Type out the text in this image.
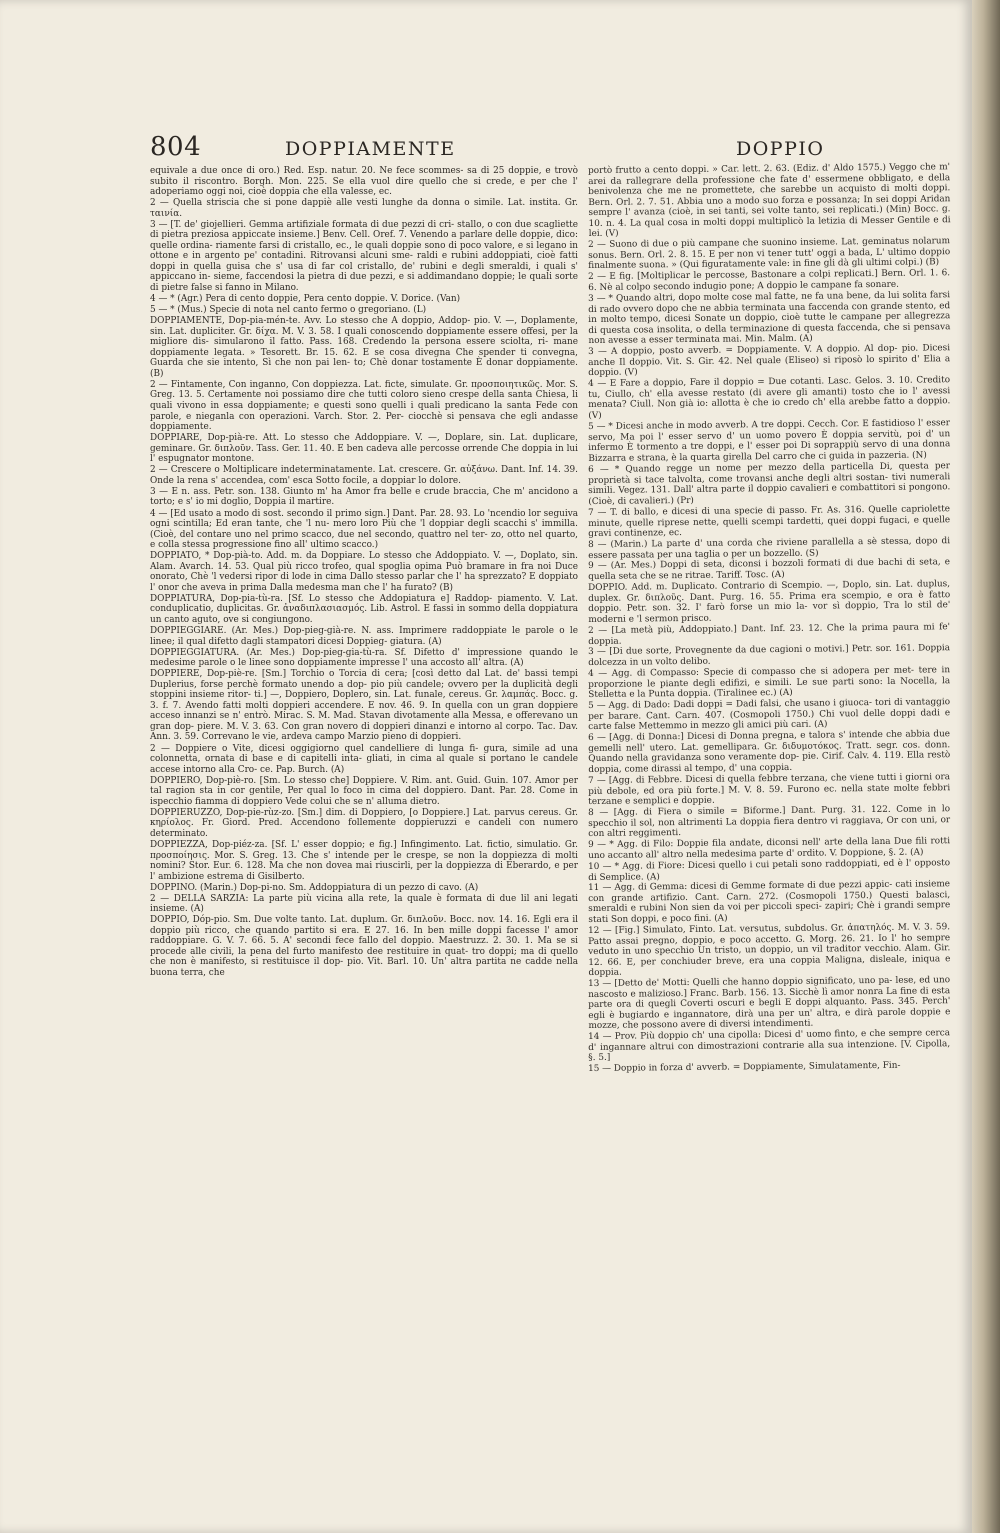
804	DOPPIAMENTE	DOPPIO

equivale a due once di oro.) Red. Esp. natur. 20. Ne fece scommes- sa di 25 doppie, e trovò subito il riscontro. Borgh. Mon. 225. Se ella vuol dire quello che si crede, e per che l' adoperiamo oggi noi, cioè doppia che ella valesse, ec.

2 — Quella striscia che si pone dappiè alle vesti lunghe da donna o simile. Lat. instita. Gr. ταινία.

3 — [T. de' giojellieri. Gemma artifiziale formata di due pezzi di cri- stallo, o con due scagliette di pietra preziosa appiccate insieme.] Benv. Cell. Oref. 7. Venendo a parlare delle doppie, dico: quelle ordina- riamente farsi di cristallo, ec., le quali doppie sono di poco valore, e si legano in ottone e in argento pe' contadini. Ritrovansi alcuni sme- raldi e rubini addoppiati, cioè fatti doppi in quella guisa che s' usa di far col cristallo, de' rubini e degli smeraldi, i quali s' appiccano in- sieme, faccendosi la pietra di due pezzi, e si addimandano doppie; le quali sorte di pietre false si fanno in Milano.

4 — * (Agr.) Pera di cento doppie, Pera cento doppie. V. Dorice. (Van)

5 — * (Mus.) Specie di nota nel canto fermo o gregoriano. (L)

DOPPIAMENTE, Dop-pia-mén-te. Avv. Lo stesso che A doppio, Addop- pio. V. —, Doplamente, sin. Lat. dupliciter. Gr. δίχα. M. V. 3. 58. I quali conoscendo doppiamente essere offesi, per la migliore dis- simularono il fatto. Pass. 168. Credendo la persona essere sciolta, ri- mane doppiamente legata. » Tesorett. Br. 15. 62. E se cosa divegna Che spender ti convegna, Guarda che sie intento, Sì che non pai len- to; Chè donar tostamente È donar doppiamente. (B)

2 — Fintamente, Con inganno, Con doppiezza. Lat. ficte, simulate. Gr. προσποιητικῶς. Mor. S. Greg. 13. 5. Certamente noi possiamo dire che tutti coloro sieno crespe della santa Chiesa, li quali vivono in essa doppiamente; e questi sono quelli i quali predicano la santa Fede con parole, e nieganla con operazioni. Varch. Stor. 2. Per- ciocchè si pensava che egli andasse doppiamente.

DOPPIARE, Dop-pià-re. Att. Lo stesso che Addoppiare. V. —, Doplare, sin. Lat. duplicare, geminare. Gr. διπλοῦν. Tass. Ger. 11. 40. E ben cadeva alle percosse orrende Che doppia in lui l' espugnator montone.

2 — Crescere o Moltiplicare indeterminatamente. Lat. crescere. Gr. αὐξάνω. Dant. Inf. 14. 39. Onde la rena s' accendea, com' esca Sotto focile, a doppiar lo dolore.

3 — E n. ass. Petr. son. 138. Giunto m' ha Amor fra belle e crude braccia, Che m' ancidono a torto; e s' io mi doglio, Doppia il martire.

4 — [Ed usato a modo di sost. secondo il primo sign.] Dant. Par. 28. 93. Lo 'ncendio lor seguiva ogni scintilla; Ed eran tante, che 'l nu- mero loro Più che 'l doppiar degli scacchi s' immilla. (Cioè, del contare uno nel primo scacco, due nel secondo, quattro nel ter- zo, otto nel quarto, e colla stessa progressione fino all' ultimo scacco.)

DOPPIATO, * Dop-pià-to. Add. m. da Doppiare. Lo stesso che Addoppiato. V. —, Doplato, sin. Alam. Avarch. 14. 53. Qual più ricco trofeo, qual spoglia opima Può bramare in fra noi Duce onorato, Chè 'l vedersi ripor di lode in cima Dallo stesso parlar che l' ha sprezzato? E doppiato l' onor che aveva in prima Dalla medesma man che l' ha furato? (B)

DOPPIATURA, Dop-pia-tù-ra. [Sf. Lo stesso che Addopiatura e] Raddop- piamento. V. Lat. conduplicatio, duplicitas. Gr. ἀναδιπλασιασμός. Lib. Astrol. E fassi in sommo della doppiatura un canto aguto, ove si congiungono.

DOPPIEGGIARE. (Ar. Mes.) Dop-pieg-già-re. N. ass. Imprimere raddoppiate le parole o le linee; il qual difetto dagli stampatori dicesi Doppieg- giatura. (A)

DOPPIEGGIATURA. (Ar. Mes.) Dop-pieg-gia-tù-ra. Sf. Difetto d' impressione quando le medesime parole o le linee sono doppiamente impresse l' una accosto all' altra. (A)

DOPPIERE, Dop-piè-re. [Sm.] Torchio o Torcia di cera; [così detto dal Lat. de' bassi tempi Duplerius, forse perchè formato unendo a dop- pio più candele; ovvero per la duplicità degli stoppini insieme ritor- ti.] —, Doppiero, Doplero, sin. Lat. funale, cereus. Gr. λαμπάς. Bocc. g. 3. f. 7. Avendo fatti molti doppieri accendere. E nov. 46. 9. In quella con un gran doppiere acceso innanzi se n' entrò. Mirac. S. M. Mad. Stavan divotamente alla Messa, e offerevano un gran dop- piere. M. V. 3. 63. Con gran novero di doppieri dinanzi e intorno al corpo. Tac. Dav. Ann. 3. 59. Correvano le vie, ardeva campo Marzio pieno di doppieri.

2 — Doppiere o Vite, dicesi oggigiorno quel candelliere di lunga fi- gura, simile ad una colonnetta, ornata di base e di capitelli inta- gliati, in cima al quale si portano le candele accese intorno alla Cro- ce. Pap. Burch. (A)

DOPPIERO, Dop-piè-ro. [Sm. Lo stesso che] Doppiere. V. Rim. ant. Guid. Guin. 107. Amor per tal ragion sta in cor gentile, Per qual lo foco in cima del doppiero. Dant. Par. 28. Come in ispecchio fiamma di doppiero Vede colui che se n' alluma dietro.

DOPPIERUZZO, Dop-pie-rùz-zo. [Sm.] dim. di Doppiero, [o Doppiere.] Lat. parvus cereus. Gr. κηρίολος. Fr. Giord. Pred. Accendono follemente doppieruzzi e candeli con numero determinato.

DOPPIEZZA, Dop-piéz-za. [Sf. L' esser doppio; e fig.] Infingimento. Lat. fictio, simulatio. Gr. προσποίησις. Mor. S. Greg. 13. Che s' intende per le crespe, se non la doppiezza di molti nomini? Stor. Eur. 6. 128. Ma che non dovea mai riuscirli, per la doppiezza di Eberardo, e per l' ambizione estrema di Gisilberto.

DOPPINO. (Marin.) Dop-pi-no. Sm. Addoppiatura di un pezzo di cavo. (A)

2 — DELLA SARZIA: La parte più vicina alla rete, la quale è formata di due lil ani legati insieme. (A)

DOPPIO, Dóp-pio. Sm. Due volte tanto. Lat. duplum. Gr. διπλοῦν. Bocc. nov. 14. 16. Egli era il doppio più ricco, che quando partito si era. E 27. 16. In ben mille doppi facesse l' amor raddoppiare. G. V. 7. 66. 5. A' secondi fece fallo del doppio. Maestruzz. 2. 30. 1. Ma se si procede alle civili, la pena del furto manifesto dee restituire in quat- tro doppi; ma di quello che non è manifesto, si restituisce il dop- pio. Vit. Barl. 10. Un' altra partita ne cadde nella buona terra, che

portò frutto a cento doppi. » Car. lett. 2. 63. (Ediz. d' Aldo 1575.) Veggo che m' arei da rallegrare della professione che fate d' essermene obbligato, e della benivolenza che me ne promettete, che sarebbe un acquisto di molti doppi. Bern. Orl. 2. 7. 51. Abbia uno a modo suo forza e possanza; In sei doppi Aridan sempre l' avanza (cioè, in sei tanti, sei volte tanto, sei replicati.) (Min) Bocc. g. 10. n. 4. La qual cosa in molti doppi multiplicò la letizia di Messer Gentile e di lei. (V)

2 — Suono di due o più campane che suonino insieme. Lat. geminatus nolarum sonus. Bern. Orl. 2. 8. 15. E per non vi tener tutt' oggi a bada, L' ultimo doppio finalmente suona. » (Qui figuratamente vale: in fine gli dà gli ultimi colpi.) (B)

2 — E fig. [Moltiplicar le percosse, Bastonare a colpi replicati.] Bern. Orl. 1. 6. 6. Nè al colpo secondo indugio pone; A doppio le campane fa sonare.

3 — * Quando altri, dopo molte cose mal fatte, ne fa una bene, da lui solita farsi di rado ovvero dopo che ne abbia terminata una faccenda con grande stento, ed in molto tempo, dicesi Sonate un doppio, cioè tutte le campane per allegrezza di questa cosa insolita, o della terminazione di questa faccenda, che si pensava non avesse a esser terminata mai. Min. Malm. (A)

3 — A doppio, posto avverb. = Doppiamente. V. A doppio. Al dop- pio. Dicesi anche Il doppio. Vit. S. Gir. 42. Nel quale (Eliseo) si riposò lo spirito d' Elia a doppio. (V)

4 — E Fare a doppio, Fare il doppio = Due cotanti. Lasc. Gelos. 3. 10. Credito tu, Ciullo, ch' ella avesse restato (di avere gli amanti) tosto che io l' avessi menata? Ciull. Non già io: allotta è che io credo ch' ella arebbe fatto a doppio. (V)

5 — * Dicesi anche in modo avverb. A tre doppi. Cecch. Cor. E fastidioso l' esser servo, Ma poi l' esser servo d' un uomo povero È doppia servitù, poi d' un infermo È tormento a tre doppi, e l' esser poi Di soprappiù servo di una donna Bizzarra e strana, è la quarta girella Del carro che ci guida in pazzeria. (N)

6 — * Quando regge un nome per mezzo della particella Di, questa per proprietà si tace talvolta, come trovansi anche degli altri sostan- tivi numerali simili. Vegez. 131. Dall' altra parte il doppio cavalieri e combattitori si pongono. (Cioè, di cavalieri.) (Pr)

7 — T. di ballo, e dicesi di una specie di passo. Fr. As. 316. Quelle capriolette minute, quelle riprese nette, quelli scempi tardetti, quei doppi fugaci, e quelle gravi continenze, ec.

8 — (Marin.) La parte d' una corda che riviene parallella a sè stessa, dopo di essere passata per una taglia o per un bozzello. (S)

9 — (Ar. Mes.) Doppi di seta, diconsi i bozzoli formati di due bachi di seta, e quella seta che se ne ritrae. Tariff. Tosc. (A)

DOPPIO. Add. m. Duplicato. Contrario di Scempio. —, Doplo, sin. Lat. duplus, duplex. Gr. διπλοῦς. Dant. Purg. 16. 55. Prima era scempio, e ora è fatto doppio. Petr. son. 32. I' farò forse un mio la- vor sì doppio, Tra lo stil de' moderni e 'l sermon prisco.

2 — [La metà più, Addoppiato.] Dant. Inf. 23. 12. Che la prima paura mi fe' doppia.

3 — [Di due sorte, Provegnente da due cagioni o motivi.] Petr. sor. 161. Doppia dolcezza in un volto delibo.

4 — Agg. di Compasso: Specie di compasso che si adopera per met- tere in proporzione le piante degli edifizi, e simili. Le sue parti sono: la Nocella, la Stelletta e la Punta doppia. (Tiralinee ec.) (A)

5 — Agg. di Dado: Dadi doppi = Dadi falsi, che usano i giuoca- tori di vantaggio per barare. Cant. Carn. 407. (Cosmopoli 1750.) Chi vuol delle doppi dadi e carte false Mettemmo in mezzo gli amici più cari. (A)

6 — [Agg. di Donna:] Dicesi di Donna pregna, e talora s' intende che abbia due gemelli nell' utero. Lat. gemellipara. Gr. διδυμοτόκος. Tratt. segr. cos. donn. Quando nella gravidanza sono veramente dop- pie. Cirif. Calv. 4. 119. Ella restò doppia, come dirassi al tempo, d' una coppia.

7 — [Agg. di Febbre. Dicesi di quella febbre terzana, che viene tutti i giorni ora più debole, ed ora più forte.] M. V. 8. 59. Furono ec. nella state molte febbri terzane e semplici e doppie.

8 — [Agg. di Fiera o simile = Biforme.] Dant. Purg. 31. 122. Come in lo specchio il sol, non altrimenti La doppia fiera dentro vi raggiava, Or con uni, or con altri reggimenti.

9 — * Agg. di Filo: Doppie fila andate, diconsi nell' arte della lana Due fili rotti uno accanto all' altro nella medesima parte d' ordito. V. Doppione, §. 2. (A)

10 — * Agg. di Fiore: Dicesi quello i cui petali sono raddoppiati, ed è l' opposto di Semplice. (A)

11 — Agg. di Gemma: dicesi di Gemme formate di due pezzi appic- cati insieme con grande artifizio. Cant. Carn. 272. (Cosmopoli 1750.) Questi balasci, smeraldi e rubini Non sien da voi per piccoli speci- zapiri; Chè i grandi sempre stati Son doppi, e poco fini. (A)

12 — [Fig.] Simulato, Finto. Lat. versutus, subdolus. Gr. ἀπατηλός. M. V. 3. 59. Patto assai pregno, doppio, e poco accetto. G. Morg. 26. 21. Io l' ho sempre veduto in uno specchio Un tristo, un doppio, un vil traditor vecchio. Alam. Gir. 12. 66. E, per conchiuder breve, era una coppia Maligna, disleale, iniqua e doppia.

13 — [Detto de' Motti: Quelli che hanno doppio significato, uno pa- lese, ed uno nascosto e malizioso.] Franc. Barb. 156. 13. Sicchè lì amor ​​nonra La fine di esta parte ora di quegli Coverti oscuri e begli E doppi alquanto. Pass. 345. Perch' egli è bugiardo e ingannatore, dirà una per un' altra, e dirà parole doppie e mozze, che possono avere di diversi intendimenti.

14 — Prov. Più doppio ch' una cipolla: Dicesi d' uomo finto, e che sempre cerca d' ingannare altrui con dimostrazioni contrarie alla sua intenzione. [V. Cipolla, §. 5.]

15 — Doppio in forza d' avverb. = Doppiamente, Simulatamente, Fin-
